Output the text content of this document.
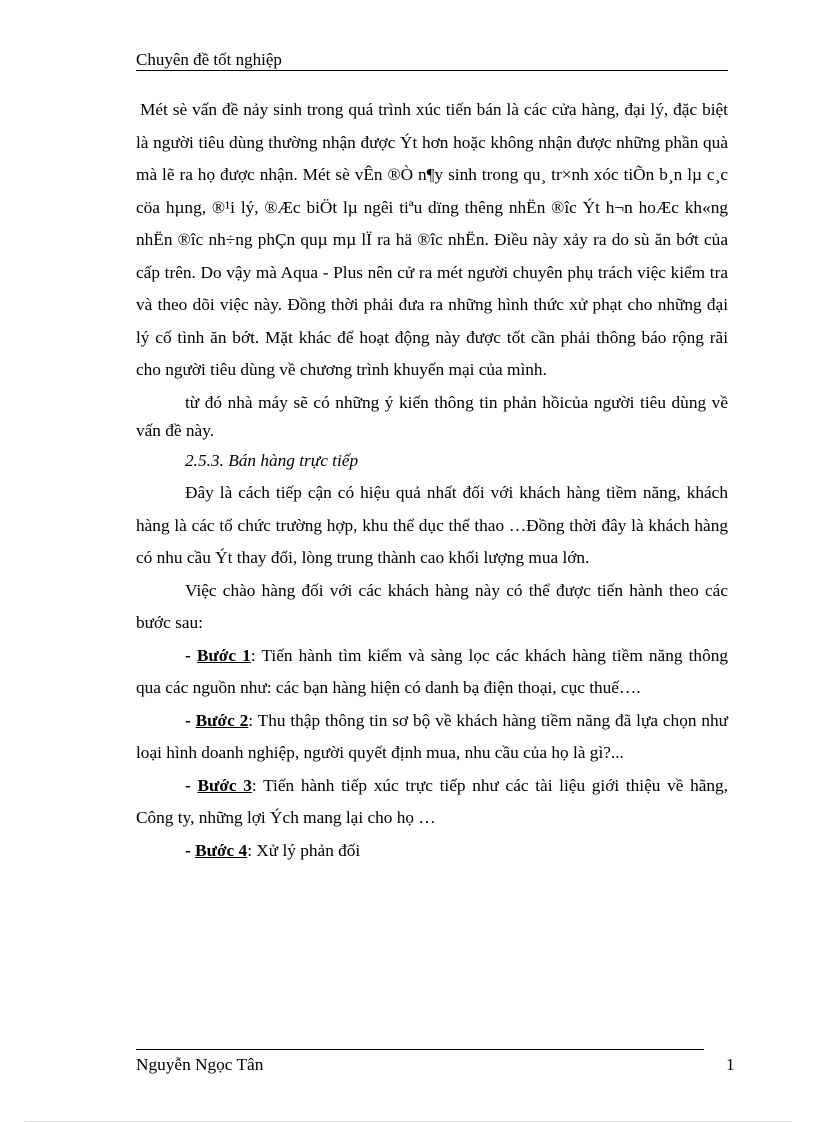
Chuyên đề tốt nghiệp

Mét sè vấn đề nảy sinh trong quá trình xúc tiến bán là các cửa hàng, đại lý, đặc biệt là người tiêu dùng thường nhận được Ýt hơn hoặc không nhận được những phần quà mà lẽ ra họ được nhận. Mét sè vÊn ®Ò n¶y sinh trong qu¸ tr×nh xóc tiÕn b¸n lµ c¸c cöa hµng, ®¹i lý, ®Æc biÖt lµ ngêi tiªu dïng thêng nhËn ®îc Ýt h¬n hoÆc kh«ng nhËn ®îc nh÷ng phÇn quµ mµ lÏ ra hä ®îc nhËn. Điều này xảy ra do sù ăn bớt của cấp trên. Do vậy mà Aqua - Plus nên cử ra mét người chuyên phụ trách việc kiểm tra và theo dõi việc này. Đồng thời phải đưa ra những hình thức xử phạt cho những đại lý cố tình ăn bớt. Mặt khác để hoạt động này được tốt cần phải thông báo rộng rãi cho người tiêu dùng về chương trình khuyến mại của mình.

từ đó nhà máy sẽ có những ý kiến thông tin phản hồicủa người tiêu dùng về vấn đề này.

2.5.3. Bán hàng trực tiếp

Đây là cách tiếp cận có hiệu quả nhất đối với khách hàng tiềm năng, khách hàng là các tổ chức trường hợp, khu thể dục thể thao …Đồng thời đây là khách hàng có nhu cầu Ýt thay đổi, lòng trung thành cao khối lượng mua lớn.

Việc chào hàng đối với các khách hàng này có thể được tiến hành theo các bước sau:

- Bước 1: Tiến hành tìm kiếm và sàng lọc các khách hàng tiềm năng thông qua các nguồn như: các bạn hàng hiện có danh bạ điện thoại, cục thuế….

- Bước 2: Thu thập thông tin sơ bộ về khách hàng tiềm năng đã lựa chọn như loại hình doanh nghiệp, người quyết định mua, nhu cầu của họ là gì?...

- Bước 3: Tiến hành tiếp xúc trực tiếp như các tài liệu giới thiệu về hãng, Công ty, những lợi Ých mang lại cho họ …

- Bước 4: Xử lý phản đối

Nguyễn Ngọc Tân	1
